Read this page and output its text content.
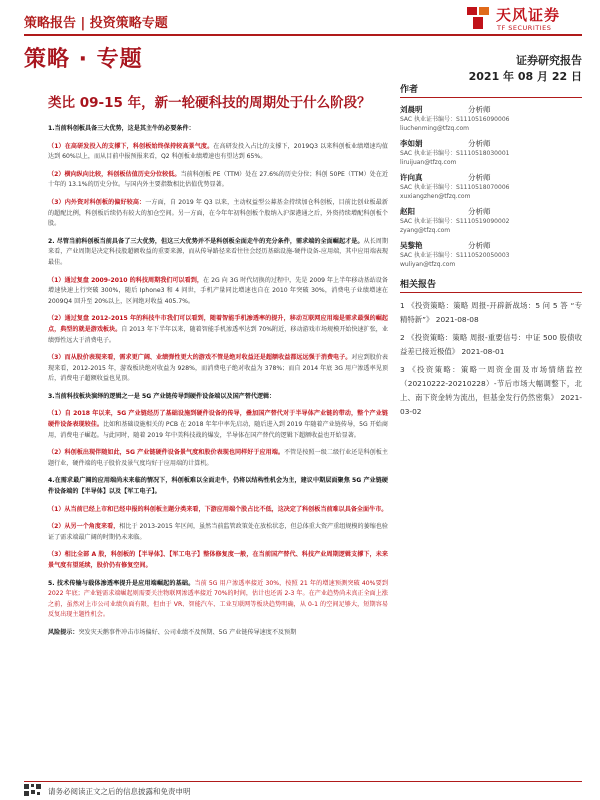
策略报告 | 投资策略专题	天风证券
TF SECURITIES
策略 · 专题	证券研究报告
2021 年 08 月 22 日
类比 09-15 年，新一轮硬科技的周期处于什么阶段？

1.当前科创板具备三大优势，这是其主牛的必要条件：

（1）在高研发投入的支撑下，科创板始终保持较高景气度。在高研发投入占比的支撑下，2019Q3 以来科创板业绩增速均值达到 60%以上，而从目前中报预报来看，Q2 科创板业绩增速也有望达到 65%。

（2）横向纵向比较，科创板估值历史分位较低。当前科创板 PE（TTM）处在 27.6%的历史分位；科创 50PE（TTM）处在近十年的 13.1%的历史分位。与国内外主要指数相比估值优势显著。

（3）内外资对科创板的偏好较高：一方面，自 2019 年 Q3 以来，主动权益型公募基金持续加仓科创板，目前比创业板最新的超配比例，科创板后续仍有较大的加仓空间。另一方面，在今年年初科创板个股纳入沪深港通之后，外资持续增配科创板个股。

2. 尽管当前科创板当前具备了三大优势，但这三大优势并不是科创板全面走牛的充分条件，需求端的全面崛起才是。从长周期来看，产业周期是决定科技股超额收益的重要来源，而从传导路径来看往往会经历基础设施-硬件设备-应用端，其中应用端表现最佳。

（1）通过复盘 2009-2010 的科技周期我们可以看到，在 2G 向 3G 时代切换的过程中，先是 2009 年上半年移动基站设备增速快速上行突破 300%，随后 Iphone3 和 4 问世，手机产量同比增速也自在 2010 年突破 30%，消费电子业绩增速在 2009Q4 回升至 20%以上，区间绝对收益 405.7%。

（2）通过复盘 2012-2015 年的科技牛市我们可以看到，随着智能手机渗透率的提升，移动互联网应用端是需求最强的崛起点，典型的就是游戏板块。自 2013 年下半年以来，随着智能手机渗透率达到 70%附近，移动游戏市场规模开始快速扩张，业绩弹性远大于消费电子。

（3）而从股价表现来看，需求更广阔、业绩弹性更大的游戏不管是绝对收益还是超额收益都远远强于消费电子。对应到股价表现来看，2012-2015 年，游戏板块绝对收益为 928%，而消费电子绝对收益为 378%；而自 2014 年底 3G 用户渗透率见顶后，消费电子超额收益也见顶。

3.当前科技板块演绎的逻辑之一是 5G 产业链传导到硬件设备端以及国产替代逻辑：

（1）自 2018 年以来，5G 产业链经历了基础设施到硬件设备的传导，叠加国产替代对于半导体产业链的带动，整个产业链硬件设备表现较佳。比如和基础设施相关的 PCB 在 2018 年年中率先启动，随后进入到 2019 年随着产业链传导，5G 开始商用，消费电子崛起。与此同时，随着 2019 年中美科技战的爆发，半导体在国产替代的逻辑下超额收益也开始显著。

（2）科创板出现伴随如此，5G 产业链硬件设备景气度和股价表现也同样好于应用端。不管是按照一级二级行业还是科创板主题行业，硬件端的电子股价及景气度均好于应用端的计算机。

4.在需求最广阔的应用端尚未来临的情况下，科创板难以全面走牛，仍将以结构性机会为主，建议中期层面聚焦 5G 产业链硬件设备端的【半导体】以及【军工电子】。

（1）从当前已经上市和已经申报的科创板主题分类来看，下游应用端个股占比不低，这决定了科创板当前难以具备全面牛市。

（2）从另一个角度来看，相比于 2013-2015 年区间，虽然当前监管政策处在放松状态，但总体重大资产重组规模的萎缩也验证了需求端最广阔的时期仍未来临。

（3）相比全部 A 股，科创板的【半导体】、【军工电子】整体修复度一般，在当前国产替代、科技产业周期逻辑支撑下，未来景气度有望延续，股价仍有修复空间。

5. 技术传输与载体渗透率提升是应用端崛起的基础。当前 5G 用户渗透率接近 30%，按照 21 年的增速预测突破 40%要到 2022 年底；产业链需求端崛起则需要关注物联网渗透率接近 70%的时间，估计也还需 2-3 年。在产业趋势尚未真正全面上涨之前，虽然对上市公司业绩负面有限，但由于 VR、智能汽车、工业互联网等板块趋势明确，从 0-1 的空间足够大，短期容易反复出现主题性机会。

风险提示：突发灾天鹅事件冲击市场偏好、公司业绩不及预期、5G 产业链传导速度不及预期

作者
刘晨明	分析师
SAC 执业证书编号：S1110516090006
liuchenming@tfzq.com
李如娟	分析师
SAC 执业证书编号：S1110518030001
liruijuan@tfzq.com
许向真	分析师
SAC 执业证书编号：S1110518070006
xuxiangzhen@tfzq.com
赵阳	分析师
SAC 执业证书编号：S1110519090002
zyang@tfzq.com
吴黎艳	分析师
SAC 执业证书编号：S1110520050003
wuliyan@tfzq.com
相关报告
1 《投资策略：策略 周报-开辟新战场：5 问 5 答 “专精特新”》 2021-08-08
2 《投资策略：策略 周报-重要信号：中证 500 股债收益差已接近极值》 2021-08-01
3 《投资策略：策略一周资金面及市场情绪监控（20210222-20210228）-节后市场大幅调整下，北上、南下资金转为流出，但基金发行仍然密集》 2021-03-02
请务必阅读正文之后的信息披露和免责申明
